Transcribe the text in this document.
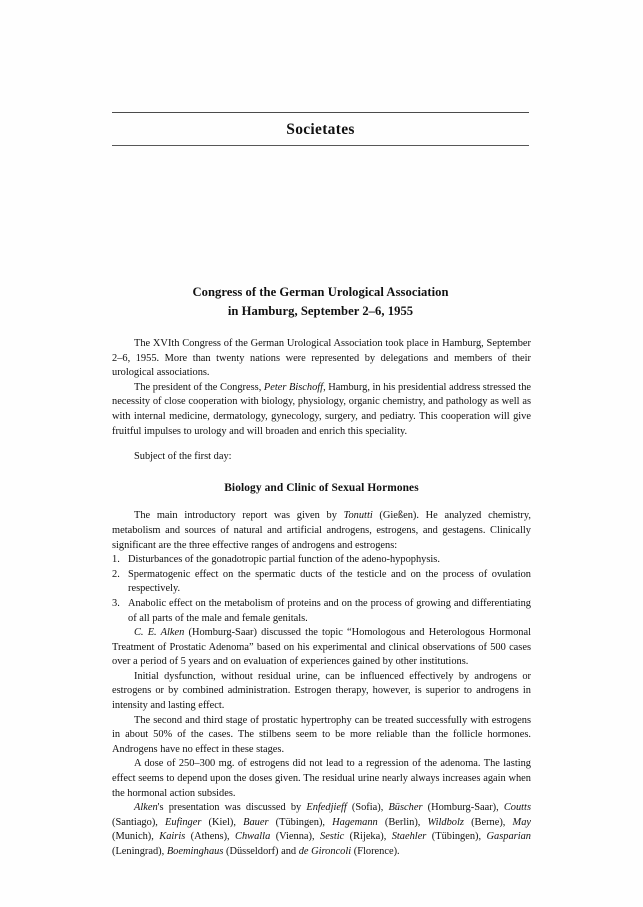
Societates
Congress of the German Urological Association
in Hamburg, September 2–6, 1955

The XVIth Congress of the German Urological Association took place in Hamburg, September 2–6, 1955. More than twenty nations were represented by delegations and members of their urological associations.

The president of the Congress, Peter Bischoff, Hamburg, in his presidential address stressed the necessity of close cooperation with biology, physiology, organic chemistry, and pathology as well as with internal medicine, dermatology, gynecology, surgery, and pediatry. This cooperation will give fruitful impulses to urology and will broaden and enrich this speciality.

Subject of the first day:

Biology and Clinic of Sexual Hormones

The main introductory report was given by Tonutti (Gießen). He analyzed chemistry, metabolism and sources of natural and artificial androgens, estrogens, and gestagens. Clinically significant are the three effective ranges of androgens and estrogens:

1. Disturbances of the gonadotropic partial function of the adeno-hypophysis.
2. Spermatogenic effect on the spermatic ducts of the testicle and on the process of ovulation respectively.
3. Anabolic effect on the metabolism of proteins and on the process of growing and differentiating of all parts of the male and female genitals.

C. E. Alken (Homburg-Saar) discussed the topic “Homologous and Heterologous Hormonal Treatment of Prostatic Adenoma” based on his experimental and clinical observations of 500 cases over a period of 5 years and on evaluation of experiences gained by other institutions.

Initial dysfunction, without residual urine, can be influenced effectively by androgens or estrogens or by combined administration. Estrogen therapy, however, is superior to androgens in intensity and lasting effect.

The second and third stage of prostatic hypertrophy can be treated successfully with estrogens in about 50% of the cases. The stilbens seem to be more reliable than the follicle hormones. Androgens have no effect in these stages.

A dose of 250–300 mg. of estrogens did not lead to a regression of the adenoma. The lasting effect seems to depend upon the doses given. The residual urine nearly always increases again when the hormonal action subsides.

Alken's presentation was discussed by Enfedjieff (Sofia), Büscher (Homburg-Saar), Coutts (Santiago), Eufinger (Kiel), Bauer (Tübingen), Hagemann (Berlin), Wildbolz (Berne), May (Munich), Kairis (Athens), Chwalla (Vienna), Sestic (Rijeka), Staehler (Tübingen), Gasparian (Leningrad), Boeminghaus (Düsseldorf) and de Gironcoli (Florence).
